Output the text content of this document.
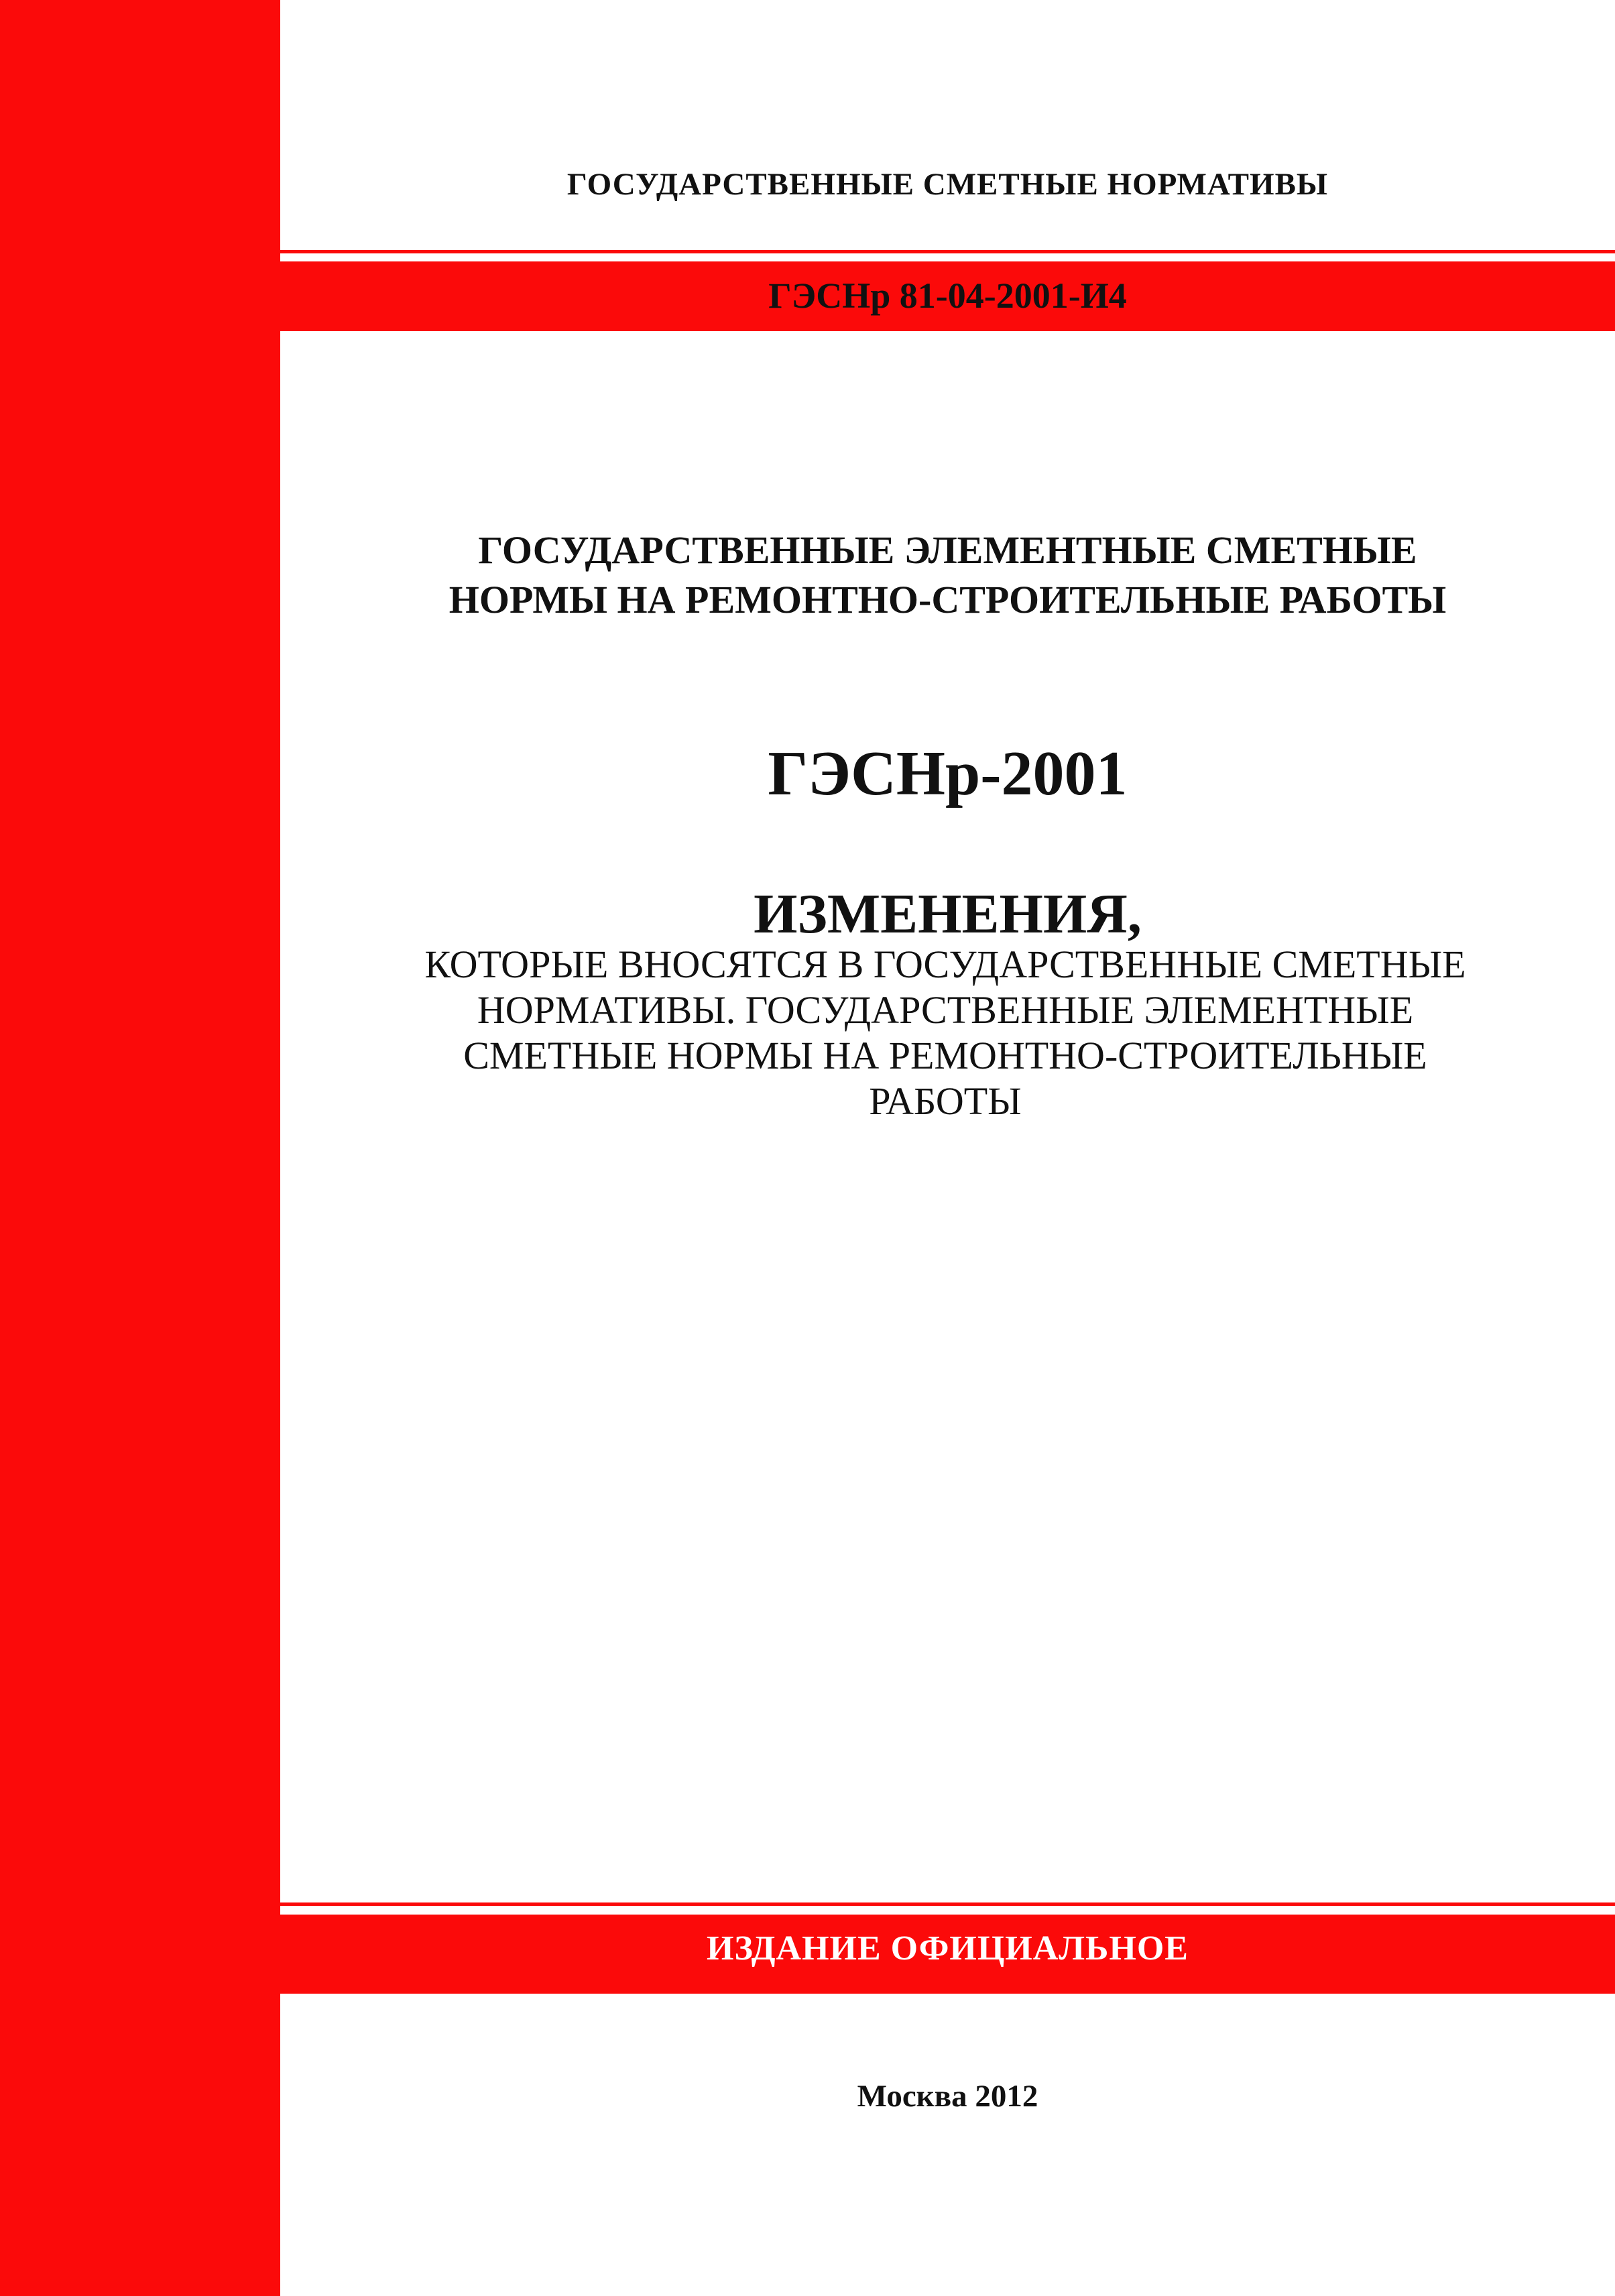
ГОСУДАРСТВЕННЫЕ СМЕТНЫЕ НОРМАТИВЫ

ГЭСНр 81-04-2001-И4

ГОСУДАРСТВЕННЫЕ ЭЛЕМЕНТНЫЕ СМЕТНЫЕ
НОРМЫ НА РЕМОНТНО-СТРОИТЕЛЬНЫЕ РАБОТЫ

ГЭСНр-2001

ИЗМЕНЕНИЯ,

КОТОРЫЕ ВНОСЯТСЯ В ГОСУДАРСТВЕННЫЕ СМЕТНЫЕ
НОРМАТИВЫ. ГОСУДАРСТВЕННЫЕ ЭЛЕМЕНТНЫЕ
СМЕТНЫЕ НОРМЫ НА РЕМОНТНО-СТРОИТЕЛЬНЫЕ
РАБОТЫ

ИЗДАНИЕ ОФИЦИАЛЬНОЕ

Москва 2012
